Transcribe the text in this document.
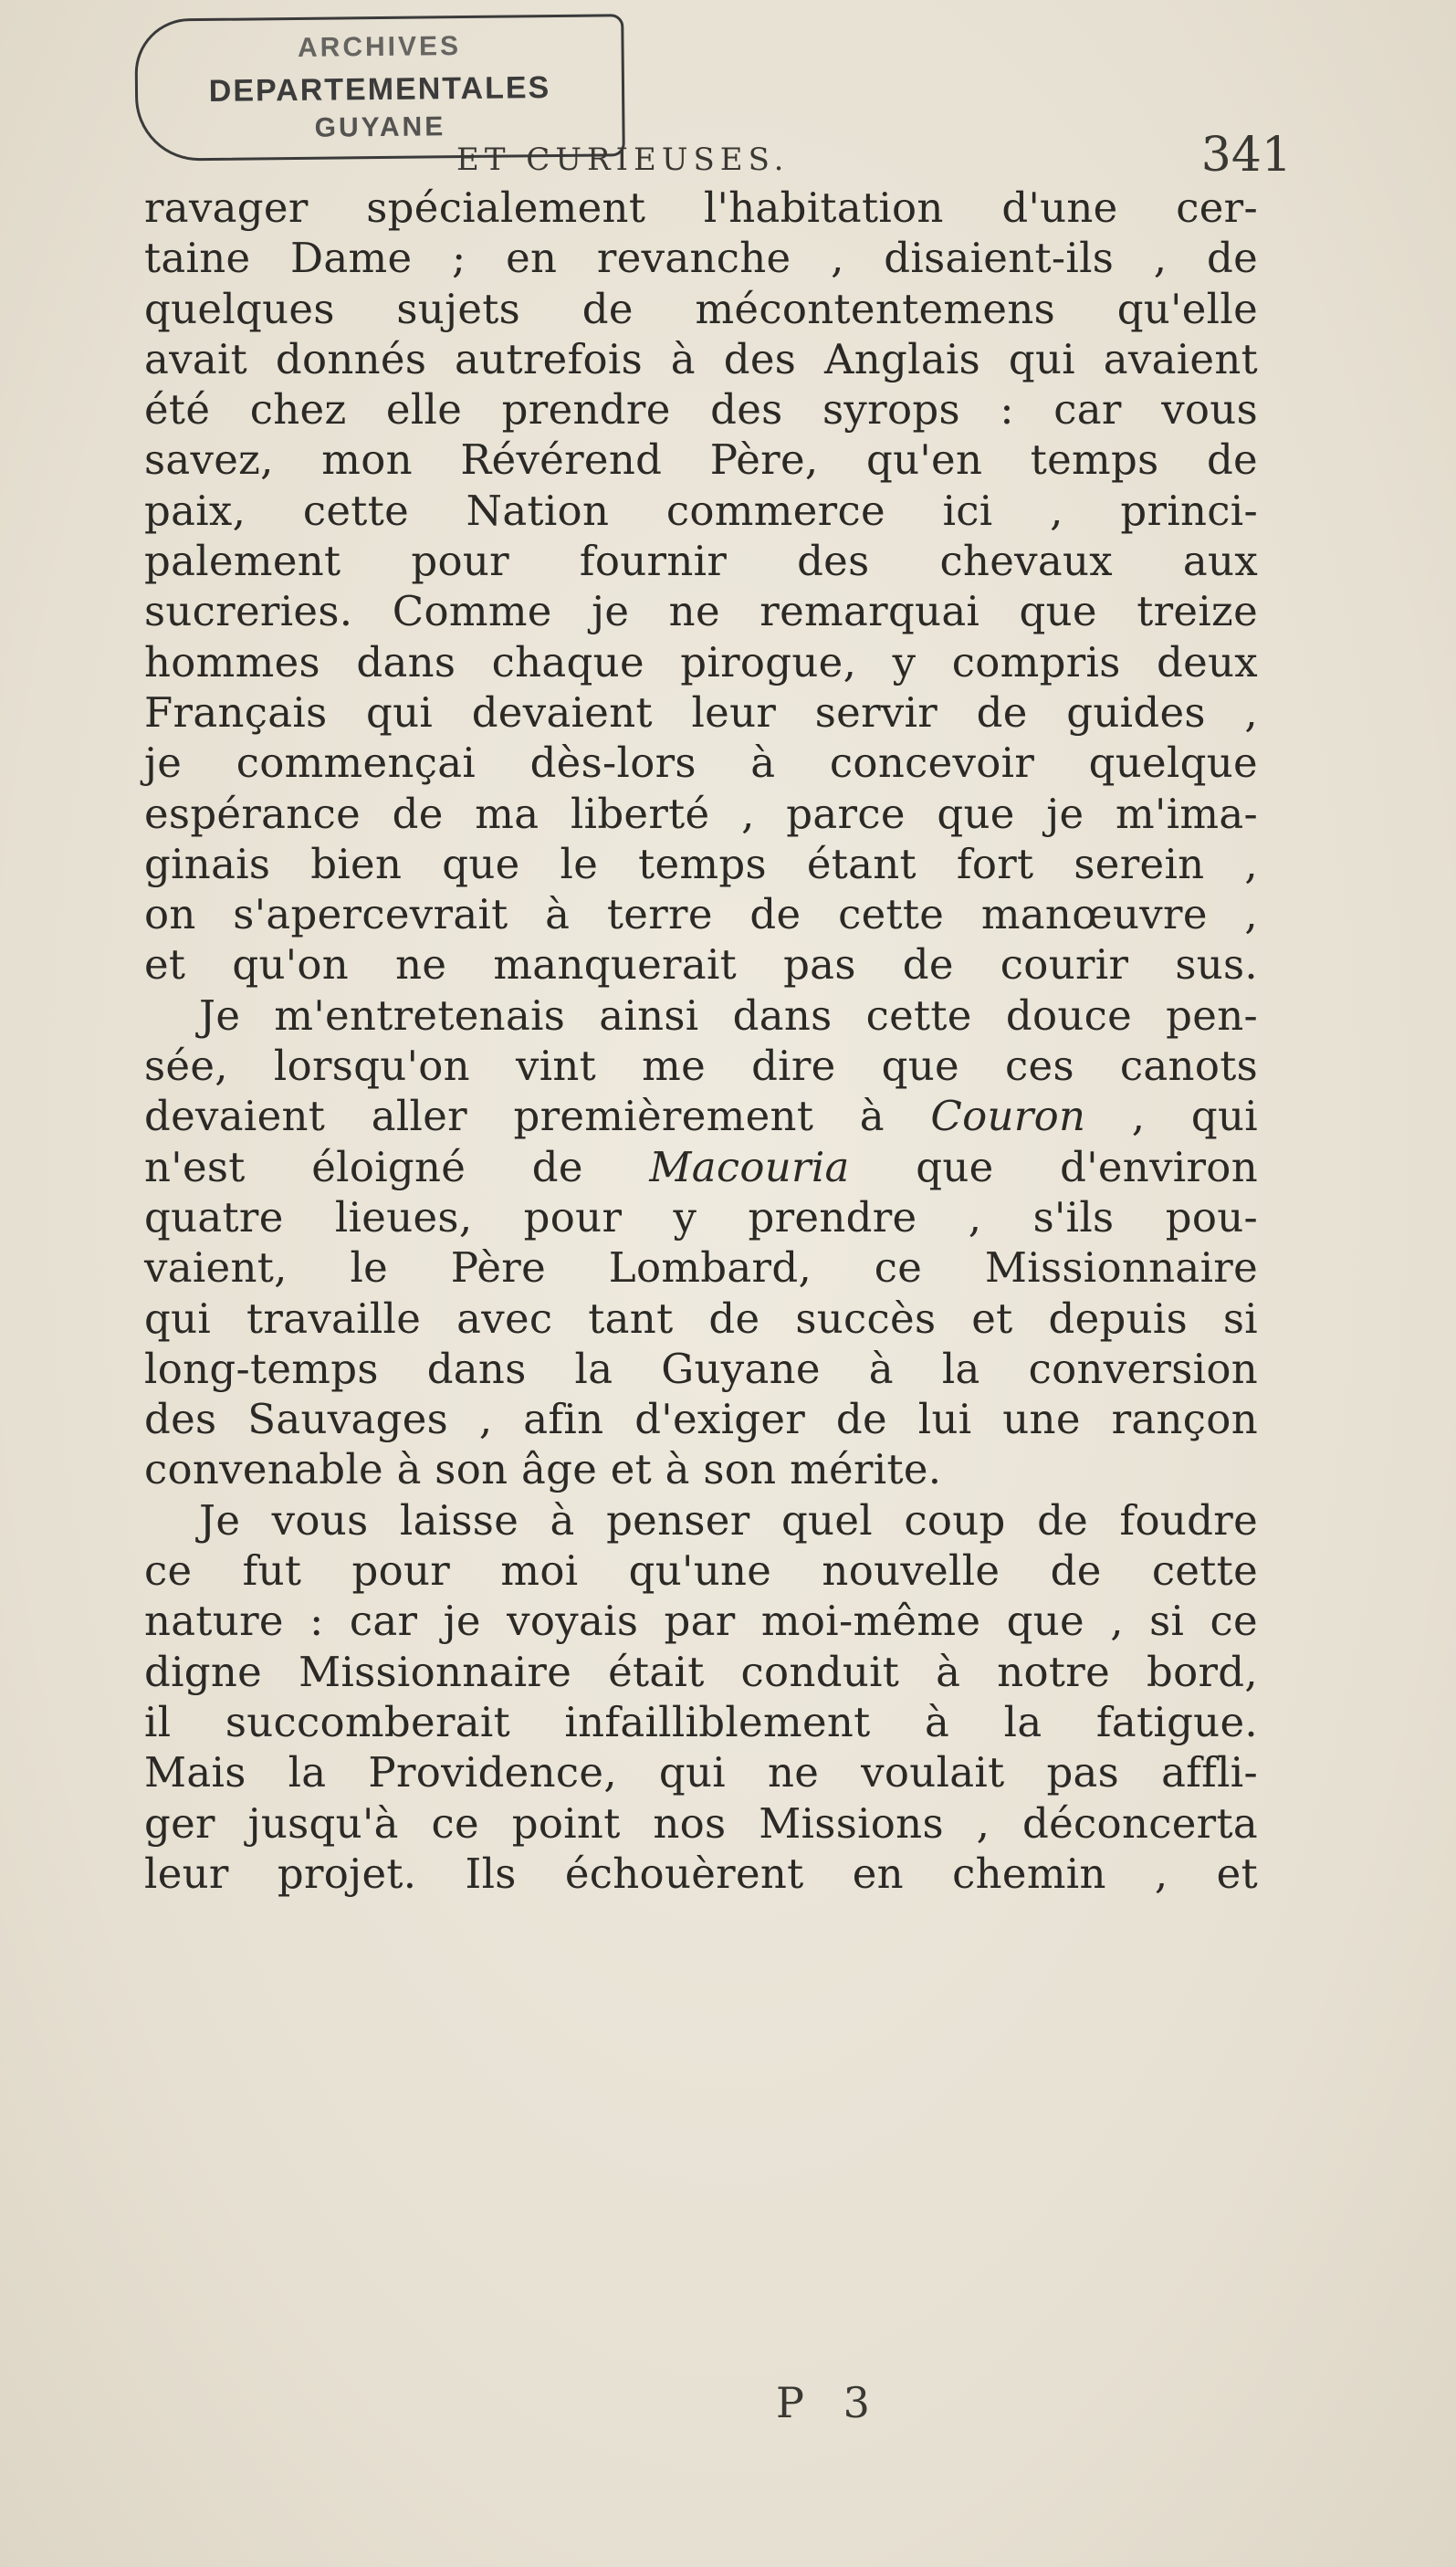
ARCHIVES
DEPARTEMENTALES
GUYANE
ET CURIEUSES.	341
ravager spécialement l'habitation d'une cer-
taine Dame ; en revanche , disaient-ils , de
quelques sujets de mécontentemens qu'elle
avait donnés autrefois à des Anglais qui avaient
été chez elle prendre des syrops : car vous
savez, mon Révérend Père, qu'en temps de
paix, cette Nation commerce ici , princi-
palement pour fournir des chevaux aux
sucreries. Comme je ne remarquai que treize
hommes dans chaque pirogue, y compris deux
Français qui devaient leur servir de guides ,
je commençai dès-lors à concevoir quelque
espérance de ma liberté , parce que je m'ima-
ginais bien que le temps étant fort serein ,
on s'apercevrait à terre de cette manœuvre ,
et qu'on ne manquerait pas de courir sus.
Je m'entretenais ainsi dans cette douce pen-
sée, lorsqu'on vint me dire que ces canots
devaient aller premièrement à Couron , qui
n'est éloigné de Macouria que d'environ
quatre lieues, pour y prendre , s'ils pou-
vaient, le Père Lombard, ce Missionnaire
qui travaille avec tant de succès et depuis si
long-temps dans la Guyane à la conversion
des Sauvages , afin d'exiger de lui une rançon
convenable à son âge et à son mérite.
Je vous laisse à penser quel coup de foudre
ce fut pour moi qu'une nouvelle de cette
nature : car je voyais par moi-même que , si ce
digne Missionnaire était conduit à notre bord,
il succomberait infailliblement à la fatigue.
Mais la Providence, qui ne voulait pas affli-
ger jusqu'à ce point nos Missions , déconcerta
leur projet. Ils échouèrent en chemin , et
P 3
